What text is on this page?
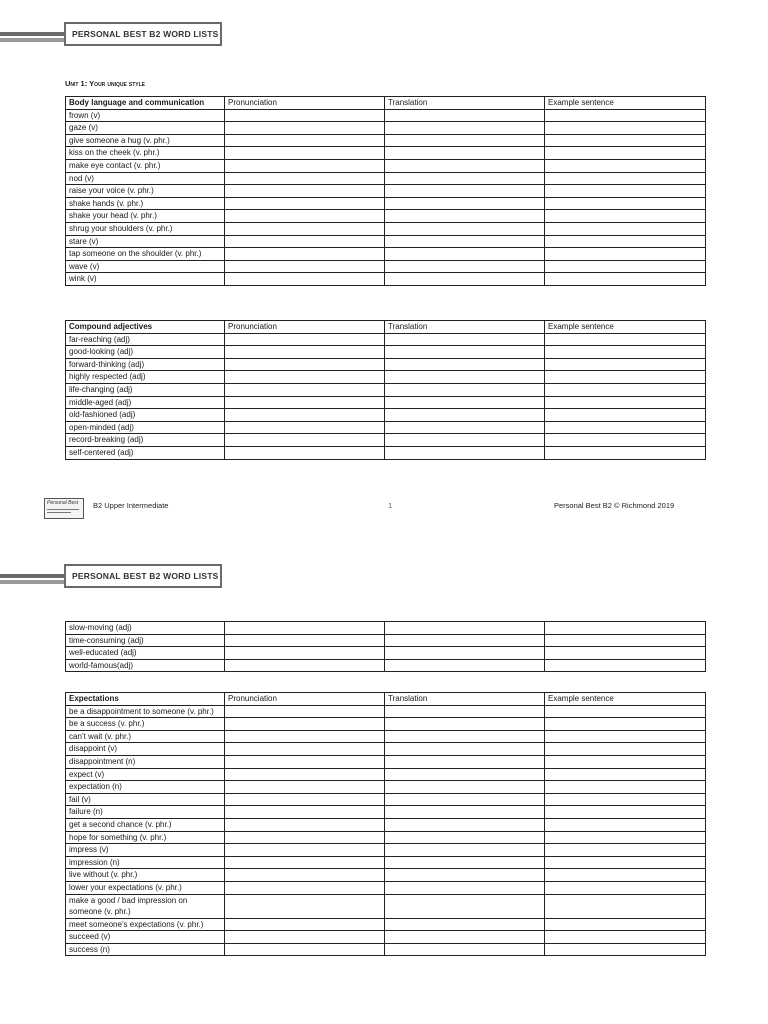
PERSONAL BEST B2 WORD LISTS
Unit 1: Your unique style
Body language and communication	Pronunciation	Translation	Example sentence
frown (v)			
gaze (v)			
give someone a hug (v. phr.)			
kiss on the cheek (v. phr.)			
make eye contact (v. phr.)			
nod (v)			
raise your voice (v. phr.)			
shake hands (v. phr.)			
shake your head (v. phr.)			
shrug your shoulders (v. phr.)			
stare (v)			
tap someone on the shoulder (v. phr.)			
wave (v)			
wink (v)			
Compound adjectives	Pronunciation	Translation	Example sentence
far-reaching (adj)			
good-looking (adj)			
forward-thinking (adj)			
highly respected (adj)			
life-changing (adj)			
middle-aged (adj)			
old-fashioned (adj)			
open-minded (adj)			
record-breaking (adj)			
self-centered (adj)			
Personal Best B2 Upper Intermediate	1	Personal Best B2 © Richmond 2019
PERSONAL BEST B2 WORD LISTS
slow-moving (adj)			
time-consuming (adj)			
well-educated (adj)			
world-famous(adj)			
Expectations	Pronunciation	Translation	Example sentence
be a disappointment to someone (v. phr.)			
be a success (v. phr.)			
can’t wait (v. phr.)			
disappoint (v)			
disappointment (n)			
expect (v)			
expectation (n)			
fail (v)			
failure (n)			
get a second chance (v. phr.)			
hope for something (v. phr.)			
impress (v)			
impression (n)			
live without (v. phr.)			
lower your expectations (v. phr.)			
make a good / bad impression on someone (v. phr.)			
meet someone’s expectations (v. phr.)			
succeed (v)			
success (n)			
